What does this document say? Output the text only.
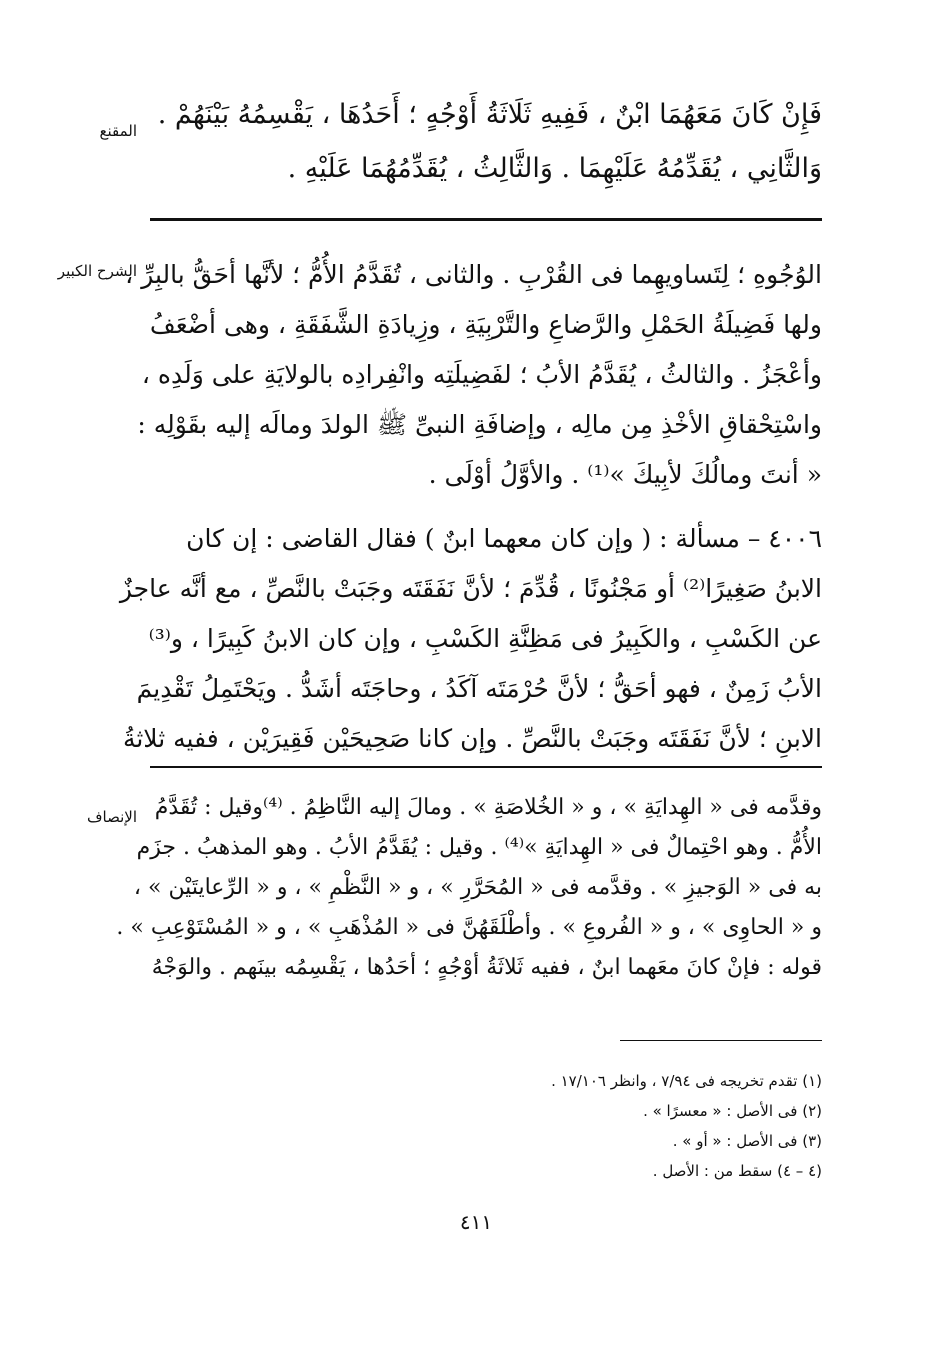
المقنع
فَإِنْ كَانَ مَعَهُمَا ابْنٌ ، فَفِيهِ ثَلَاثَةُ أَوْجُهٍ ؛ أَحَدُهَا ، يَقْسِمُهُ بَيْنَهُمْ .
وَالثَّانِي ، يُقَدِّمُهُ عَلَيْهِمَا . وَالثَّالِثُ ، يُقَدِّمُهُمَا عَلَيْهِ .
الشرح الكبير
الوُجُوهِ ؛ لِتَساويهِما فى القُرْبِ . والثانى ، تُقَدَّمُ الأُمُّ ؛ لأنَّها أحَقُّ بالبِرِّ ،
ولها فَضِيلَةُ الحَمْلِ والرَّضاعِ والتَّرْبِيَةِ ، وزِيادَةِ الشَّفَقَةِ ، وهى أضْعَفُ
وأعْجَزُ . والثالثُ ، يُقَدَّمُ الأبُ ؛ لفَضِيلَتِه وانْفِرادِه بالولايَةِ على وَلَدِه ،
واسْتِحْقاقِ الأخْذِ مِن مالِه ، وإضافَةِ النبىِّ ﷺ الولدَ ومالَه إليه بقَوْلِه :
« أنتَ ومالُكَ لأبِيكَ »⁽¹⁾ . والأوَّلُ أوْلَى .
٤٠٠٦ – مسألة : ( وإن كان معهما ابنٌ ) فقال القاضى : إن كان
الابنُ صَغِيرًا⁽²⁾ أو مَجْنُونًا ، قُدِّمَ ؛ لأنَّ نَفَقَتَه وجَبَتْ بالنَّصِّ ، مع أنَّه عاجزٌ
عن الكَسْبِ ، والكَبِيرُ فى مَظِنَّةِ الكَسْبِ ، وإن كان الابنُ كَبِيرًا ، و⁽³⁾
الأبُ زَمِنٌ ، فهو أحَقُّ ؛ لأنَّ حُرْمَتَه آكَدُ ، وحاجَتَه أشَدُّ . ويَحْتَمِلُ تَقْدِيمَ
الابنِ ؛ لأنَّ نَفَقَتَه وجَبَتْ بالنَّصِّ . وإن كانا صَحِيحَيْن فَقِيرَيْن ، ففيه ثلاثةُ
الإنصاف وقدَّمه فى « الهِدايَةِ » ، و « الخُلاصَةِ » . ومالَ إليه النَّاظِمُ . ⁽⁴⁾وقيل : تُقَدَّمُ
الأُمُّ . وهو احْتِمالٌ فى « الهِدايَةِ »⁽⁴⁾ . وقيل : يُقَدَّمُ الأبُ . وهو المذهبُ . جزَم
به فى « الوَجيزِ » . وقدَّمه فى « المُحَرَّرِ » ، و « النَّظْمِ » ، و « الرِّعايتَيْن » ،
و « الحاوِى » ، و « الفُروعِ » . وأطْلَقَهُنَّ فى « المُذْهَبِ » ، و « المُسْتَوْعِبِ » .
قوله : فإنْ كانَ معَهما ابنٌ ، ففيه ثَلاثَةُ أوْجُهٍ ؛ أحَدُها ، يَقْسِمُه بينَهم . والوَجْهُ
(١) تقدم تخريجه فى ٧/٩٤ ، وانظر ١٧/١٠٦ .
(٢) فى الأصل : « معسرًا » .
(٣) فى الأصل : « أو » .
(٤ – ٤) سقط من : الأصل .
٤١١
